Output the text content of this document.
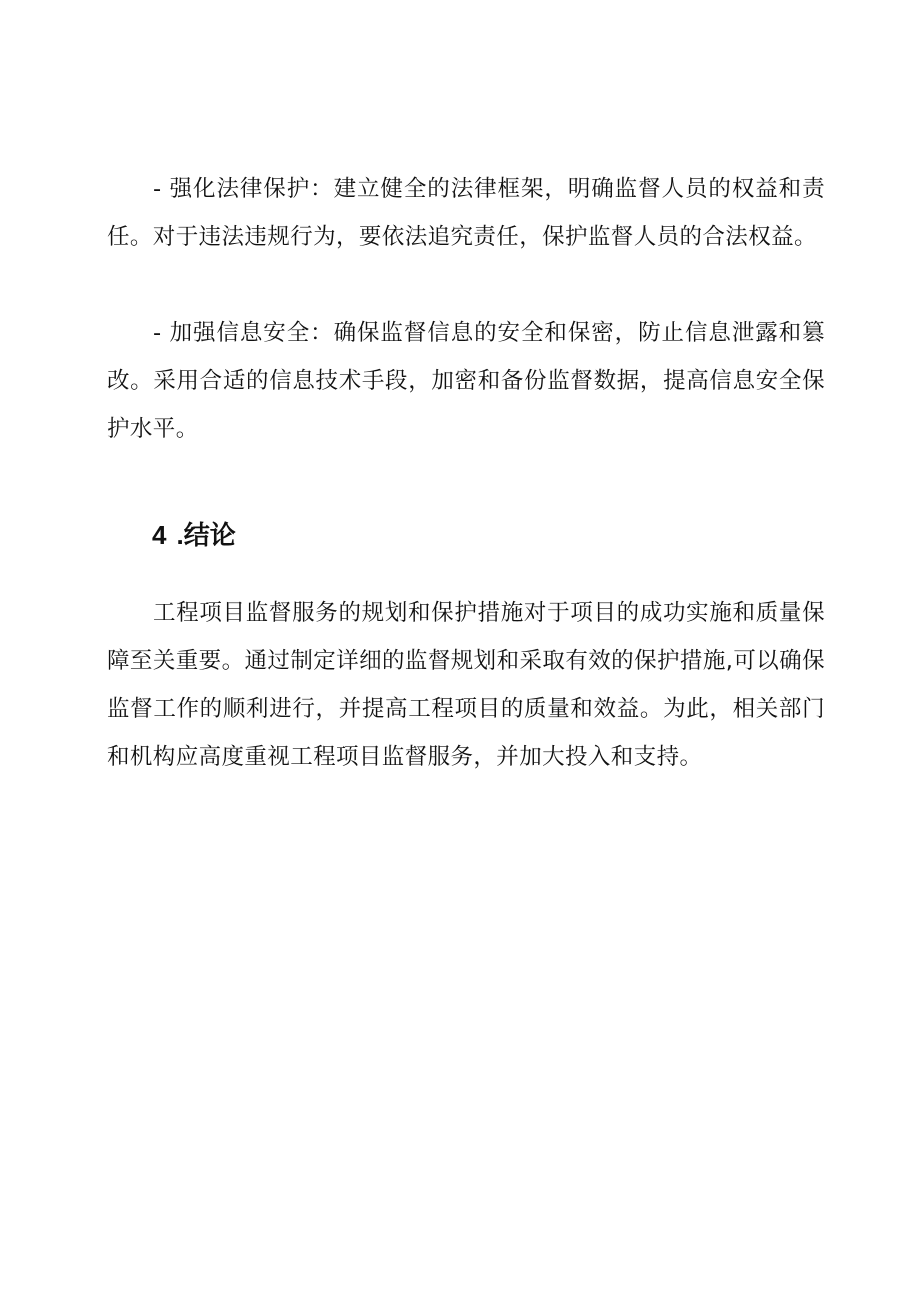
- 强化法律保护：建立健全的法律框架，明确监督人员的权益和责任。对于违法违规行为，要依法追究责任，保护监督人员的合法权益。

- 加强信息安全：确保监督信息的安全和保密，防止信息泄露和篡改。采用合适的信息技术手段，加密和备份监督数据，提高信息安全保护水平。

4 .结论

工程项目监督服务的规划和保护措施对于项目的成功实施和质量保障至关重要。通过制定详细的监督规划和采取有效的保护措施,可以确保监督工作的顺利进行，并提高工程项目的质量和效益。为此，相关部门和机构应高度重视工程项目监督服务，并加大投入和支持。
